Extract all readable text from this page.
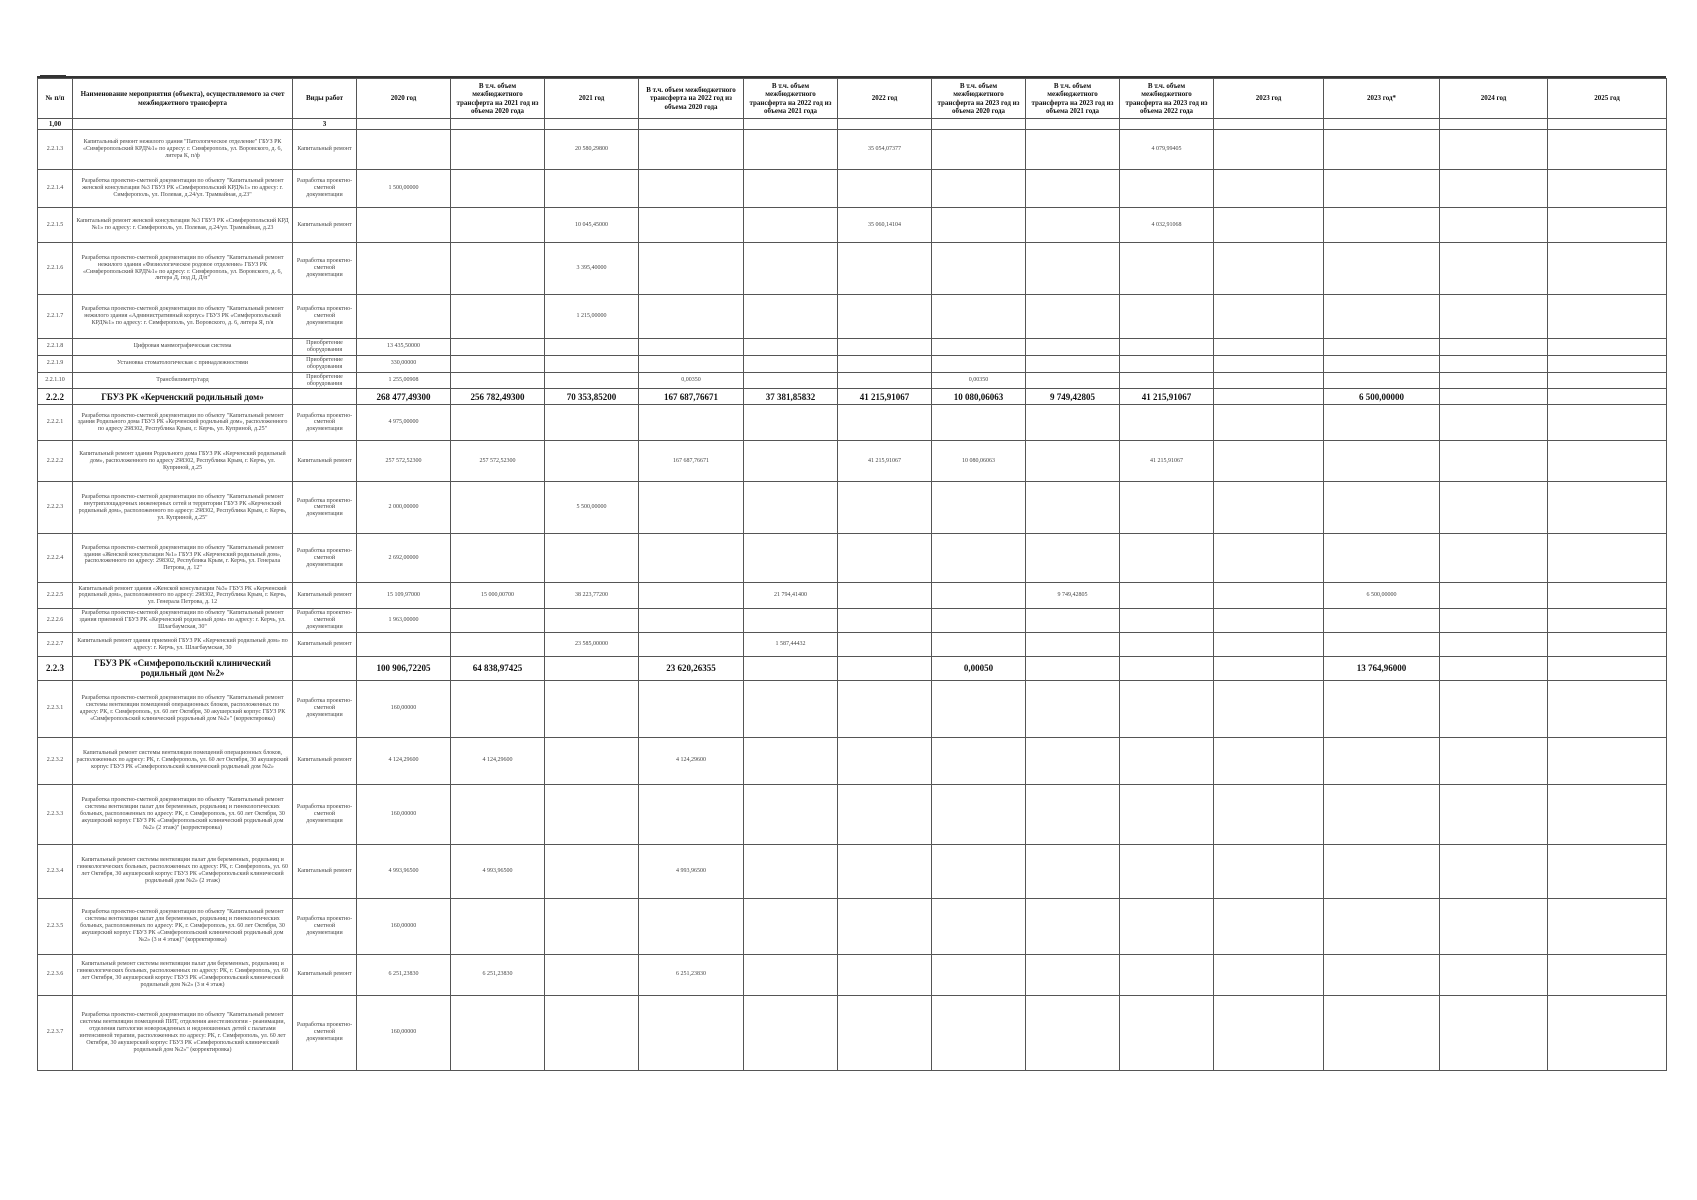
№ п/п	Наименование мероприятия (объекта), осуществляемого за счет межбюджетного трансферта	Виды работ	2020 год	В т.ч. объем межбюджетного трансферта на 2021 год из объема 2020 года	2021 год	В т.ч. объем межбюджетного трансферта на 2022 год из объема 2020 года	В т.ч. объем межбюджетного трансферта на 2022 год из объема 2021 года	2022 год	В т.ч. объем межбюджетного трансферта на 2023 год из объема 2020 года	В т.ч. объем межбюджетного трансферта на 2023 год из объема 2021 года	В т.ч. объем межбюджетного трансферта на 2023 год из объема 2022 года	2023 год	2023 год*	2024 год	2025 год
1,00		3													
2.2.1.3	Капитальный ремонт нежилого здания "Патологическое отделение" ГБУЗ РК «Симферопольский КРД№1» по адресу: г. Симферополь, ул. Воровского, д. 6, литера К, п/ф	Капитальный ремонт			20 580,29800			35 054,07377			4 079,99405				
2.2.1.4	Разработка проектно-сметной документации по объекту "Капитальный ремонт женской консультации №3 ГБУЗ РК «Симферопольский КРД№1» по адресу: г. Симферополь, ул. Полевая, д.24/ул. Трамвайная, д.23"	Разработка проектно-сметной документации	1 500,00000												
2.2.1.5	Капитальный ремонт женской консультации №3 ГБУЗ РК «Симферопольский КРД №1» по адресу: г. Симферополь, ул. Полевая, д.24/ул. Трамвайная, д.23	Капитальный ремонт			10 045,45000			35 060,14104			4 032,91068				
2.2.1.6	Разработка проектно-сметной документации по объекту "Капитальный ремонт нежилого здания «Физиологическое родовое отделение» ГБУЗ РК «Симферопольский КРД№1» по адресу: г. Симферополь, ул. Воровского, д. 6, литера Д, под Д, Д/п"	Разработка проектно-сметной документации			3 395,40000										
2.2.1.7	Разработка проектно-сметной документации по объекту "Капитальный ремонт нежилого здания «Административный корпус» ГБУЗ РК «Симферопольский КРД№1» по адресу: г. Симферополь, ул. Воровского, д. 6, литера Я, п/я	Разработка проектно-сметной документации			1 215,00000										
2.2.1.8	Цифровая маммографическая система	Приобретение оборудования	13 435,50000												
2.2.1.9	Установка стоматологическая с принадлежностями	Приобретение оборудования	330,00000												
2.2.1.10	Трансбилиметр/гард	Приобретение оборудования	1 255,00908			0,00350			0,00350						
2.2.2	ГБУЗ РК «Керченский родильный дом»		268 477,49300	256 782,49300	70 353,85200	167 687,76671	37 381,85832	41 215,91067	10 080,06063	9 749,42805	41 215,91067		6 500,00000		
2.2.2.1	Разработка проектно-сметной документации по объекту "Капитальный ремонт здания Родильного дома ГБУЗ РК «Керченский родильный дом», расположенного по адресу 298302, Республика Крым, г. Керчь, ул. Куприной, д.25"	Разработка проектно-сметной документации	4 975,00000												
2.2.2.2	Капитальный ремонт здания Родильного дома ГБУЗ РК «Керченский родильный дом», расположенного по адресу 298302, Республика Крым, г. Керчь, ул. Куприной, д.25	Капитальный ремонт	257 572,52300	257 572,52300		167 687,76671		41 215,91067	10 080,06063		41 215,91067				
2.2.2.3	Разработка проектно-сметной документации по объекту "Капитальный ремонт внутриплощадочных инженерных сетей и территории ГБУЗ РК «Керченский родильный дом», расположенного по адресу: 298302, Республика Крым, г. Керчь, ул. Куприной, д.25"	Разработка проектно-сметной документации	2 000,00000		5 500,00000										
2.2.2.4	Разработка проектно-сметной документации по объекту "Капитальный ремонт здания «Женской консультации №1» ГБУЗ РК «Керченский родильный дом», расположенного по адресу: 298302, Республика Крым, г. Керчь, ул. Генерала Петрова, д. 12"	Разработка проектно-сметной документации	2 692,00000												
2.2.2.5	Капитальный ремонт здания «Женской консультации №3» ГБУЗ РК «Керченский родильный дом», расположенного по адресу: 298302, Республика Крым, г. Керчь, ул. Генерала Петрова, д. 12	Капитальный ремонт	15 109,97000	15 000,00700	38 223,77200		21 794,41400			9 749,42805			6 500,00000		
2.2.2.6	Разработка проектно-сметной документации по объекту "Капитальный ремонт здания приемной ГБУЗ РК «Керченский родильный дом» по адресу: г. Керчь, ул. Шлагбаумская, 30"	Разработка проектно-сметной документации	1 963,00000												
2.2.2.7	Капитальный ремонт здания приемной ГБУЗ РК «Керченский родильный дом» по адресу: г. Керчь, ул. Шлагбаумская, 30	Капитальный ремонт			23 585,00000		1 587,44432								
2.2.3	ГБУЗ РК «Симферопольский клинический родильный дом №2»		100 906,72205	64 838,97425		23 620,26355			0,00050				13 764,96000		
2.2.3.1	Разработка проектно-сметной документации по объекту "Капитальный ремонт системы вентиляции помещений операционных блоков, расположенных по адресу: РК, г. Симферополь, ул. 60 лет Октября, 30 акушерский корпус ГБУЗ РК «Симферопольский клинический родильный дом №2»" (корректировка)	Разработка проектно-сметной документации	160,00000												
2.2.3.2	Капитальный ремонт системы вентиляции помещений операционных блоков, расположенных по адресу: РК, г. Симферополь, ул. 60 лет Октября, 30 акушерский корпус ГБУЗ РК «Симферопольский клинический родильный дом №2»	Капитальный ремонт	4 124,29600	4 124,29600		4 124,29600									
2.2.3.3	Разработка проектно-сметной документации по объекту "Капитальный ремонт системы вентиляции палат для беременных, родильниц и гинекологических больных, расположенных по адресу: РК, г. Симферополь, ул. 60 лет Октября, 30 акушерский корпус ГБУЗ РК «Симферопольский клинический родильный дом №2» (2 этаж)" (корректировка)	Разработка проектно-сметной документации	160,00000												
2.2.3.4	Капитальный ремонт системы вентиляции палат для беременных, родильниц и гинекологических больных, расположенных по адресу: РК, г. Симферополь, ул. 60 лет Октября, 30 акушерский корпус ГБУЗ РК «Симферопольский клинический родильный дом №2» (2 этаж)	Капитальный ремонт	4 993,96500	4 993,96500		4 993,96500									
2.2.3.5	Разработка проектно-сметной документации по объекту "Капитальный ремонт системы вентиляции палат для беременных, родильниц и гинекологических больных, расположенных по адресу: РК, г. Симферополь, ул. 60 лет Октября, 30 акушерский корпус ГБУЗ РК «Симферопольский клинический родильный дом №2» (3 и 4 этаж)" (корректировка)	Разработка проектно-сметной документации	160,00000												
2.2.3.6	Капитальный ремонт системы вентиляции палат для беременных, родильниц и гинекологических больных, расположенных по адресу: РК, г. Симферополь, ул. 60 лет Октября, 30 акушерский корпус ГБУЗ РК «Симферопольский клинический родильный дом №2» (3 и 4 этаж)	Капитальный ремонт	6 251,23830	6 251,23830		6 251,23830									
2.2.3.7	Разработка проектно-сметной документации по объекту "Капитальный ремонт системы вентиляции помещений ПИТ, отделения анестезиологии - реанимации, отделения патологии новорожденных и недоношенных детей с палатами интенсивной терапии, расположенных по адресу: РК, г. Симферополь, ул. 60 лет Октября, 30 акушерский корпус ГБУЗ РК «Симферопольский клинический родильный дом №2»" (корректировка)	Разработка проектно-сметной документации	160,00000												
